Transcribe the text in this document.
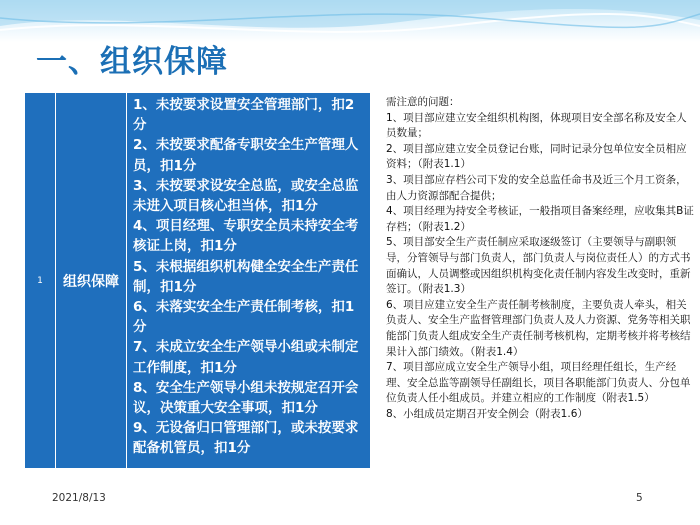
一、组织保障
1	组织保障
1、未按要求设置安全管理部门，扣2分
2、未按要求配备专职安全生产管理人员，扣1分
3、未按要求设安全总监，或安全总监未进入项目核心担当体，扣1分
4、项目经理、专职安全员未持安全考核证上岗，扣1分
5、未根据组织机构健全安全生产责任制，扣1分
6、未落实安全生产责任制考核，扣1分
7、未成立安全生产领导小组或未制定工作制度，扣1分
8、安全生产领导小组未按规定召开会议，决策重大安全事项，扣1分
9、无设备归口管理部门，或未按要求配备机管员，扣1分
需注意的问题：
1、项目部应建立安全组织机构图，体现项目安全部名称及安全人员数量；
2、项目部应建立安全员登记台账，同时记录分包单位安全员相应资料；（附表1.1）
3、项目部应存档公司下发的安全总监任命书及近三个月工资条，由人力资源部配合提供；
4、项目经理为持安全考核证，一般指项目备案经理，应收集其B证存档；（附表1.2）
5、项目部安全生产责任制应采取逐级签订（主要领导与副职领导，分管领导与部门负责人，部门负责人与岗位责任人）的方式书面确认，人员调整或因组织机构变化责任制内容发生改变时，重新签订。（附表1.3）
6、项目应建立安全生产责任制考核制度，主要负责人牵头，相关负责人、安全生产监督管理部门负责人及人力资源、党务等相关职能部门负责人组成安全生产责任制考核机构，定期考核并将考核结果计入部门绩效。（附表1.4）
7、项目部应成立安全生产领导小组，项目经理任组长，生产经理、安全总监等副领导任副组长，项目各职能部门负责人、分包单位负责人任小组成员。并建立相应的工作制度（附表1.5）
8、小组成员定期召开安全例会（附表1.6）
2021/8/13	5
